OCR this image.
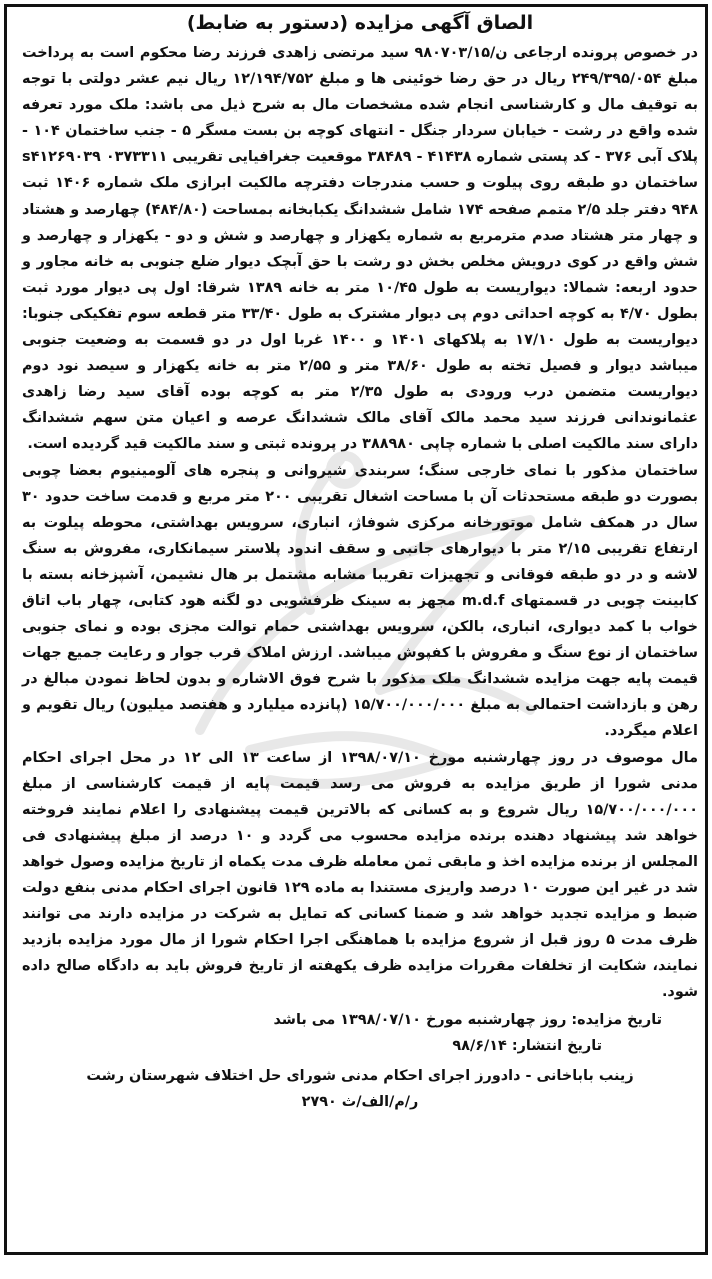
الصاق آگهی مزایده (دستور به ضابط)

در خصوص پرونده ارجاعی ن/۹۸۰۷۰۳/۱۵ سید مرتضی زاهدی فرزند رضا محکوم است به پرداخت مبلغ ۲۴۹/۳۹۵/۰۵۴ ریال در حق رضا خوئینی ها و مبلغ ۱۲/۱۹۴/۷۵۲ ریال نیم عشر دولتی با توجه به توقیف مال و کارشناسی انجام شده مشخصات مال به شرح ذیل می باشد: ملک مورد تعرفه شده واقع در رشت - خیابان سردار جنگل - انتهای کوچه بن بست مسگر ۵ - جنب ساختمان ۱۰۴ - پلاک آبی ۳۷۶ - کد پستی شماره ۴۱۴۳۸ - ۳۸۴۸۹ موقعیت جغرافیایی تقریبی ۰۳۷۳۳۱۱ s۴۱۲۶۹۰۳۹ ساختمان دو طبقه روی پیلوت و حسب مندرجات دفترچه مالکیت ابرازی ملک شماره ۱۴۰۶ ثبت ۹۴۸ دفتر جلد ۲/۵ متمم صفحه ۱۷۴ شامل ششدانگ یکبابخانه بمساحت (۴۸۴/۸۰) چهارصد و هشتاد و چهار متر هشتاد صدم مترمربع به شماره یکهزار و چهارصد و شش و دو - یکهزار و چهارصد و شش واقع در کوی درویش مخلص بخش دو رشت با حق آبچک دیوار ضلع جنوبی به خانه مجاور و حدود اربعه: شمالا: دیواریست به طول ۱۰/۴۵ متر به خانه ۱۳۸۹ شرقا: اول پی دیوار مورد ثبت بطول ۴/۷۰ به کوچه احداثی دوم پی دیوار مشترک به طول ۳۳/۴۰ متر قطعه سوم تفکیکی جنوبا: دیواریست به طول ۱۷/۱۰ به پلاکهای ۱۴۰۱ و ۱۴۰۰ غربا اول در دو قسمت به وضعیت جنوبی میباشد دیوار و فصیل تخته به طول ۳۸/۶۰ متر و ۲/۵۵ متر به خانه یکهزار و سیصد نود دوم دیواریست متضمن درب ورودی به طول ۲/۳۵ متر به کوچه بوده آقای سید رضا زاهدی عثمانوندانی فرزند سید محمد مالک آقای مالک ششدانگ عرصه و اعیان متن سهم ششدانگ دارای سند مالکیت اصلی با شماره چاپی ۳۸۸۹۸۰ در پرونده ثبتی و سند مالکیت قید گردیده است.

ساختمان مذکور با نمای خارجی سنگ؛ سربندی شیروانی و پنجره های آلومینیوم بعضا چوبی بصورت دو طبقه مستحدثات آن با مساحت اشغال تقریبی ۲۰۰ متر مربع و قدمت ساخت حدود ۳۰ سال در همکف شامل موتورخانه مرکزی شوفاژ، انباری، سرویس بهداشتی، محوطه پیلوت به ارتفاع تقریبی ۲/۱۵ متر با دیوارهای جانبی و سقف اندود پلاستر سیمانکاری، مفروش به سنگ لاشه و در دو طبقه فوقانی و تجهیزات تقریبا مشابه مشتمل بر هال نشیمن، آشپزخانه بسته با کابینت چوبی در قسمتهای m.d.f مجهز به سینک ظرفشویی دو لگنه هود کتابی، چهار باب اتاق خواب با کمد دیواری، انباری، بالکن، سرویس بهداشتی حمام توالت مجزی بوده و نمای جنوبی ساختمان از نوع سنگ و مفروش با کفپوش میباشد. ارزش املاک قرب جوار و رعایت جمیع جهات قیمت پایه جهت مزایده ششدانگ ملک مذکور با شرح فوق الاشاره و بدون لحاظ نمودن مبالغ در رهن و بازداشت احتمالی به مبلغ ۱۵/۷۰۰/۰۰۰/۰۰۰ (پانزده میلیارد و هفتصد میلیون) ریال تقویم و اعلام میگردد.

مال موصوف در روز چهارشنبه مورخ ۱۳۹۸/۰۷/۱۰ از ساعت ۱۳ الی ۱۲ در محل اجرای احکام مدنی شورا از طریق مزایده به فروش می رسد قیمت پایه از قیمت کارشناسی از مبلغ ۱۵/۷۰۰/۰۰۰/۰۰۰ ریال شروع و به کسانی که بالاترین قیمت پیشنهادی را اعلام نمایند فروخته خواهد شد پیشنهاد دهنده برنده مزایده محسوب می گردد و ۱۰ درصد از مبلغ پیشنهادی فی المجلس از برنده مزایده اخذ و مابقی ثمن معامله ظرف مدت یکماه از تاریخ مزایده وصول خواهد شد در غیر این صورت ۱۰ درصد واریزی مستندا به ماده ۱۲۹ قانون اجرای احکام مدنی بنفع دولت ضبط و مزایده تجدید خواهد شد و ضمنا کسانی که تمایل به شرکت در مزایده دارند می توانند ظرف مدت ۵ روز قبل از شروع مزایده با هماهنگی اجرا احکام شورا از مال مورد مزایده بازدید نمایند، شکایت از تخلفات مقررات مزایده ظرف یکهفته از تاریخ فروش باید به دادگاه صالح داده شود.

تاریخ مزایده: روز چهارشنبه مورخ ۱۳۹۸/۰۷/۱۰ می باشد
تاریخ انتشار: ۹۸/۶/۱۴
زینب باباخانی - دادورز اجرای احکام مدنی شورای حل اختلاف شهرستان رشت
ر/م/الف/ث ۲۷۹۰
